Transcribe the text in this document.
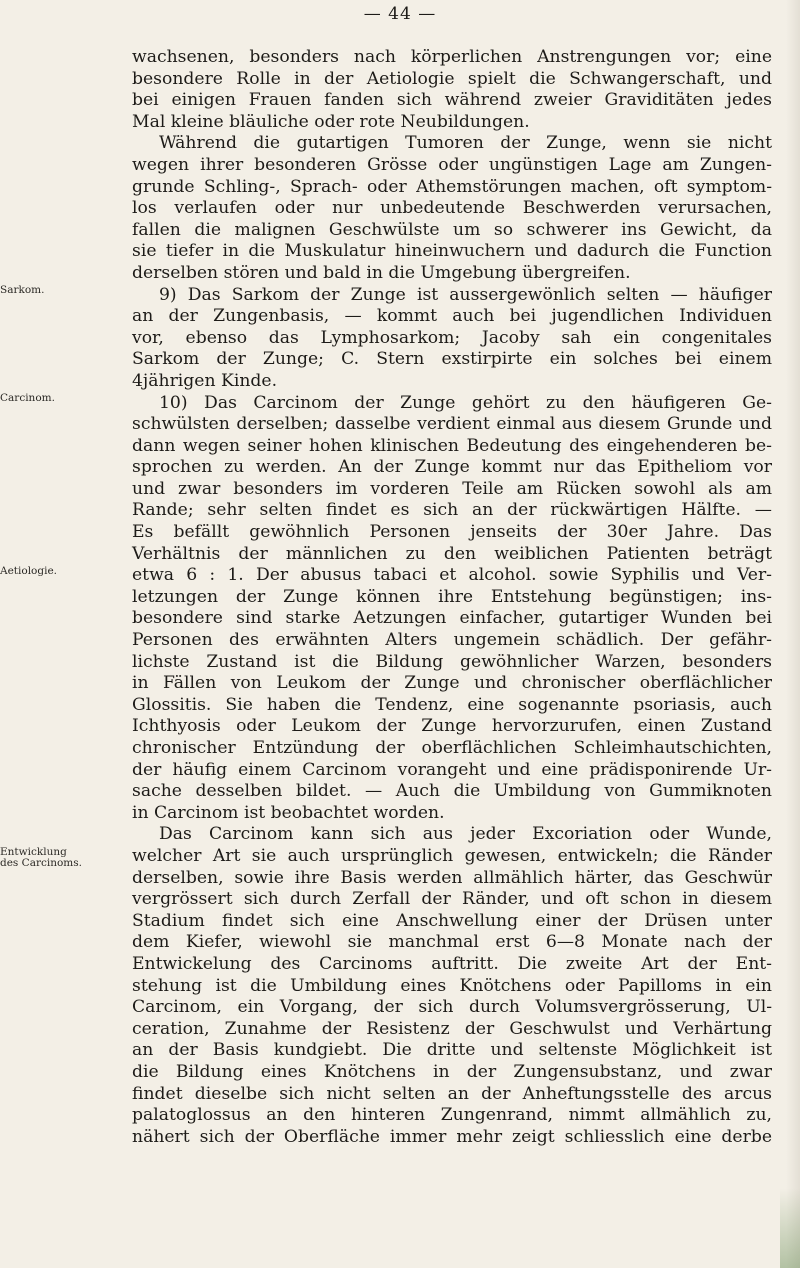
— 44 —
Sarkom.
Carcinom.
Aetiologie.
Entwicklung
des Carcinoms.
wachsenen, besonders nach körperlichen Anstrengungen vor; eine
besondere Rolle in der Aetiologie spielt die Schwangerschaft, und
bei einigen Frauen fanden sich während zweier Graviditäten jedes
Mal kleine bläuliche oder rote Neubildungen.
Während die gutartigen Tumoren der Zunge, wenn sie nicht
wegen ihrer besonderen Grösse oder ungünstigen Lage am Zungen-
grunde Schling-, Sprach- oder Athemstörungen machen, oft symptom-
los verlaufen oder nur unbedeutende Beschwerden verursachen,
fallen die malignen Geschwülste um so schwerer ins Gewicht, da
sie tiefer in die Muskulatur hineinwuchern und dadurch die Function
derselben stören und bald in die Umgebung übergreifen.
9) Das Sarkom der Zunge ist aussergewönlich selten — häufiger
an der Zungenbasis, — kommt auch bei jugendlichen Individuen
vor, ebenso das Lymphosarkom; Jacoby sah ein congenitales
Sarkom der Zunge; C. Stern exstirpirte ein solches bei einem
4jährigen Kinde.
10) Das Carcinom der Zunge gehört zu den häufigeren Ge-
schwülsten derselben; dasselbe verdient einmal aus diesem Grunde und
dann wegen seiner hohen klinischen Bedeutung des eingehenderen be-
sprochen zu werden. An der Zunge kommt nur das Epitheliom vor
und zwar besonders im vorderen Teile am Rücken sowohl als am
Rande; sehr selten findet es sich an der rückwärtigen Hälfte. —
Es befällt gewöhnlich Personen jenseits der 30er Jahre. Das
Verhältnis der männlichen zu den weiblichen Patienten beträgt
etwa 6 : 1. Der abusus tabaci et alcohol. sowie Syphilis und Ver-
letzungen der Zunge können ihre Entstehung begünstigen; ins-
besondere sind starke Aetzungen einfacher, gutartiger Wunden bei
Personen des erwähnten Alters ungemein schädlich. Der gefähr-
lichste Zustand ist die Bildung gewöhnlicher Warzen, besonders
in Fällen von Leukom der Zunge und chronischer oberflächlicher
Glossitis. Sie haben die Tendenz, eine sogenannte psoriasis, auch
Ichthyosis oder Leukom der Zunge hervorzurufen, einen Zustand
chronischer Entzündung der oberflächlichen Schleimhautschichten,
der häufig einem Carcinom vorangeht und eine prädisponirende Ur-
sache desselben bildet. — Auch die Umbildung von Gummiknoten
in Carcinom ist beobachtet worden.
Das Carcinom kann sich aus jeder Excoriation oder Wunde,
welcher Art sie auch ursprünglich gewesen, entwickeln; die Ränder
derselben, sowie ihre Basis werden allmählich härter, das Geschwür
vergrössert sich durch Zerfall der Ränder, und oft schon in diesem
Stadium findet sich eine Anschwellung einer der Drüsen unter
dem Kiefer, wiewohl sie manchmal erst 6—8 Monate nach der
Entwickelung des Carcinoms auftritt. Die zweite Art der Ent-
stehung ist die Umbildung eines Knötchens oder Papilloms in ein
Carcinom, ein Vorgang, der sich durch Volumsvergrösserung, Ul-
ceration, Zunahme der Resistenz der Geschwulst und Verhärtung
an der Basis kundgiebt. Die dritte und seltenste Möglichkeit ist
die Bildung eines Knötchens in der Zungensubstanz, und zwar
findet dieselbe sich nicht selten an der Anheftungsstelle des arcus
palatoglossus an den hinteren Zungenrand, nimmt allmählich zu,
nähert sich der Oberfläche immer mehr zeigt schliesslich eine derbe
